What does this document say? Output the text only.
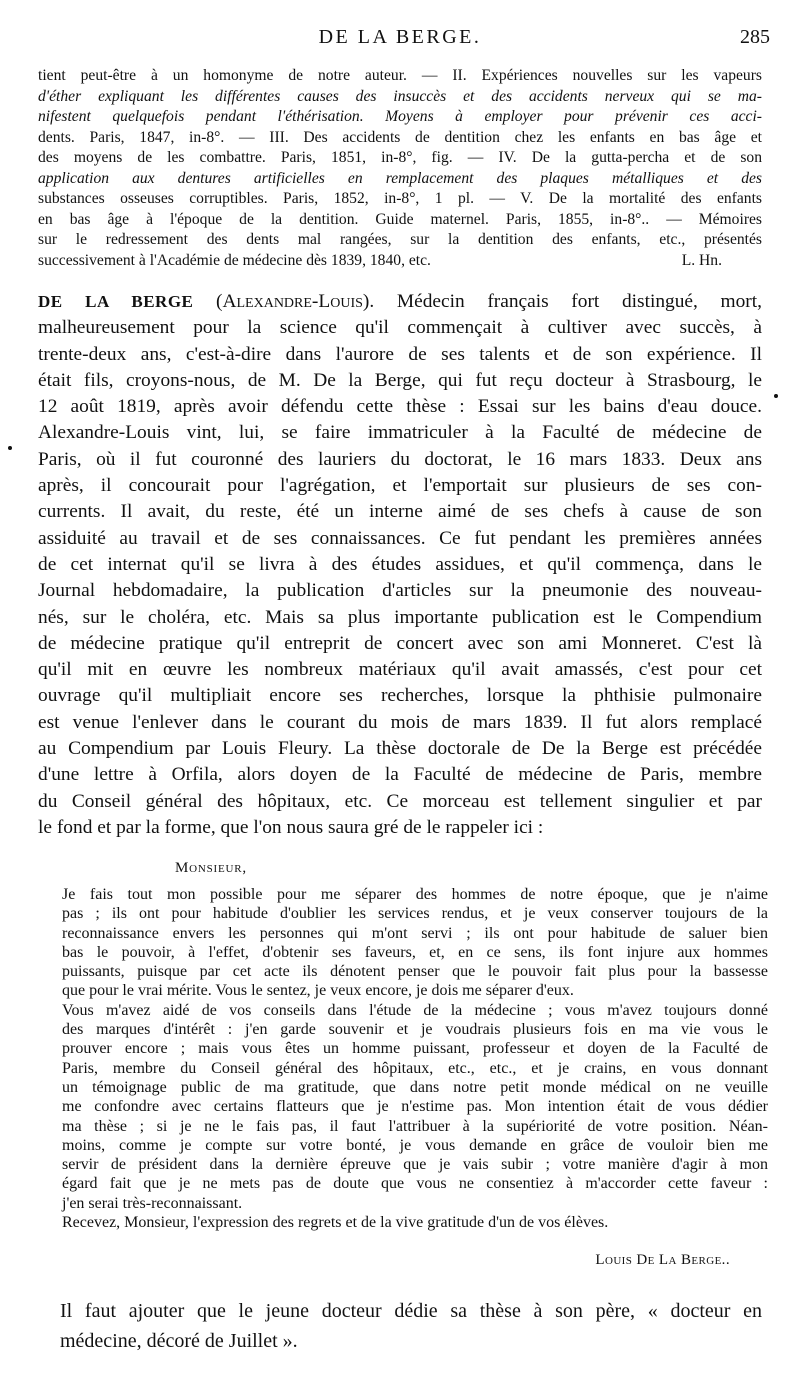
DE LA BERGE.	285
tient peut-être à un homonyme de notre auteur. — II. Expériences nouvelles sur les vapeurs
d'éther expliquant les différentes causes des insuccès et des accidents nerveux qui se ma-
nifestent quelquefois pendant l'éthérisation. Moyens à employer pour prévenir ces acci-
dents. Paris, 1847, in-8°. — III. Des accidents de dentition chez les enfants en bas âge et
des moyens de les combattre. Paris, 1851, in-8°, fig. — IV. De la gutta-percha et de son
application aux dentures artificielles en remplacement des plaques métalliques et des
substances osseuses corruptibles. Paris, 1852, in-8°, 1 pl. — V. De la mortalité des enfants
en bas âge à l'époque de la dentition. Guide maternel. Paris, 1855, in-8°.. — Mémoires
sur le redressement des dents mal rangées, sur la dentition des enfants, etc., présentés
successivement à l'Académie de médecine dès 1839, 1840, etc.	L. Hn.
DE LA BERGE (Alexandre-Louis). Médecin français fort distingué, mort,
malheureusement pour la science qu'il commençait à cultiver avec succès, à
trente-deux ans, c'est-à-dire dans l'aurore de ses talents et de son expérience. Il
était fils, croyons-nous, de M. De la Berge, qui fut reçu docteur à Strasbourg, le
12 août 1819, après avoir défendu cette thèse : Essai sur les bains d'eau douce.
Alexandre-Louis vint, lui, se faire immatriculer à la Faculté de médecine de
Paris, où il fut couronné des lauriers du doctorat, le 16 mars 1833. Deux ans
après, il concourait pour l'agrégation, et l'emportait sur plusieurs de ses con-
currents. Il avait, du reste, été un interne aimé de ses chefs à cause de son
assiduité au travail et de ses connaissances. Ce fut pendant les premières années
de cet internat qu'il se livra à des études assidues, et qu'il commença, dans le
Journal hebdomadaire, la publication d'articles sur la pneumonie des nouveau-
nés, sur le choléra, etc. Mais sa plus importante publication est le Compendium
de médecine pratique qu'il entreprit de concert avec son ami Monneret. C'est là
qu'il mit en œuvre les nombreux matériaux qu'il avait amassés, c'est pour cet
ouvrage qu'il multipliait encore ses recherches, lorsque la phthisie pulmonaire
est venue l'enlever dans le courant du mois de mars 1839. Il fut alors remplacé
au Compendium par Louis Fleury. La thèse doctorale de De la Berge est précédée
d'une lettre à Orfila, alors doyen de la Faculté de médecine de Paris, membre
du Conseil général des hôpitaux, etc. Ce morceau est tellement singulier et par
le fond et par la forme, que l'on nous saura gré de le rappeler ici :
Monsieur,
Je fais tout mon possible pour me séparer des hommes de notre époque, que je n'aime
pas ; ils ont pour habitude d'oublier les services rendus, et je veux conserver toujours de la
reconnaissance envers les personnes qui m'ont servi ; ils ont pour habitude de saluer bien
bas le pouvoir, à l'effet, d'obtenir ses faveurs, et, en ce sens, ils font injure aux hommes
puissants, puisque par cet acte ils dénotent penser que le pouvoir fait plus pour la bassesse
que pour le vrai mérite. Vous le sentez, je veux encore, je dois me séparer d'eux.
Vous m'avez aidé de vos conseils dans l'étude de la médecine ; vous m'avez toujours donné
des marques d'intérêt : j'en garde souvenir et je voudrais plusieurs fois en ma vie vous le
prouver encore ; mais vous êtes un homme puissant, professeur et doyen de la Faculté de
Paris, membre du Conseil général des hôpitaux, etc., etc., et je crains, en vous donnant
un témoignage public de ma gratitude, que dans notre petit monde médical on ne veuille
me confondre avec certains flatteurs que je n'estime pas. Mon intention était de vous dédier
ma thèse ; si je ne le fais pas, il faut l'attribuer à la supériorité de votre position. Néan-
moins, comme je compte sur votre bonté, je vous demande en grâce de vouloir bien me
servir de président dans la dernière épreuve que je vais subir ; votre manière d'agir à mon
égard fait que je ne mets pas de doute que vous ne consentiez à m'accorder cette faveur :
j'en serai très-reconnaissant.
Recevez, Monsieur, l'expression des regrets et de la vive gratitude d'un de vos élèves.
Louis De La Berge..
Il faut ajouter que le jeune docteur dédie sa thèse à son père, « docteur en
médecine, décoré de Juillet ».
